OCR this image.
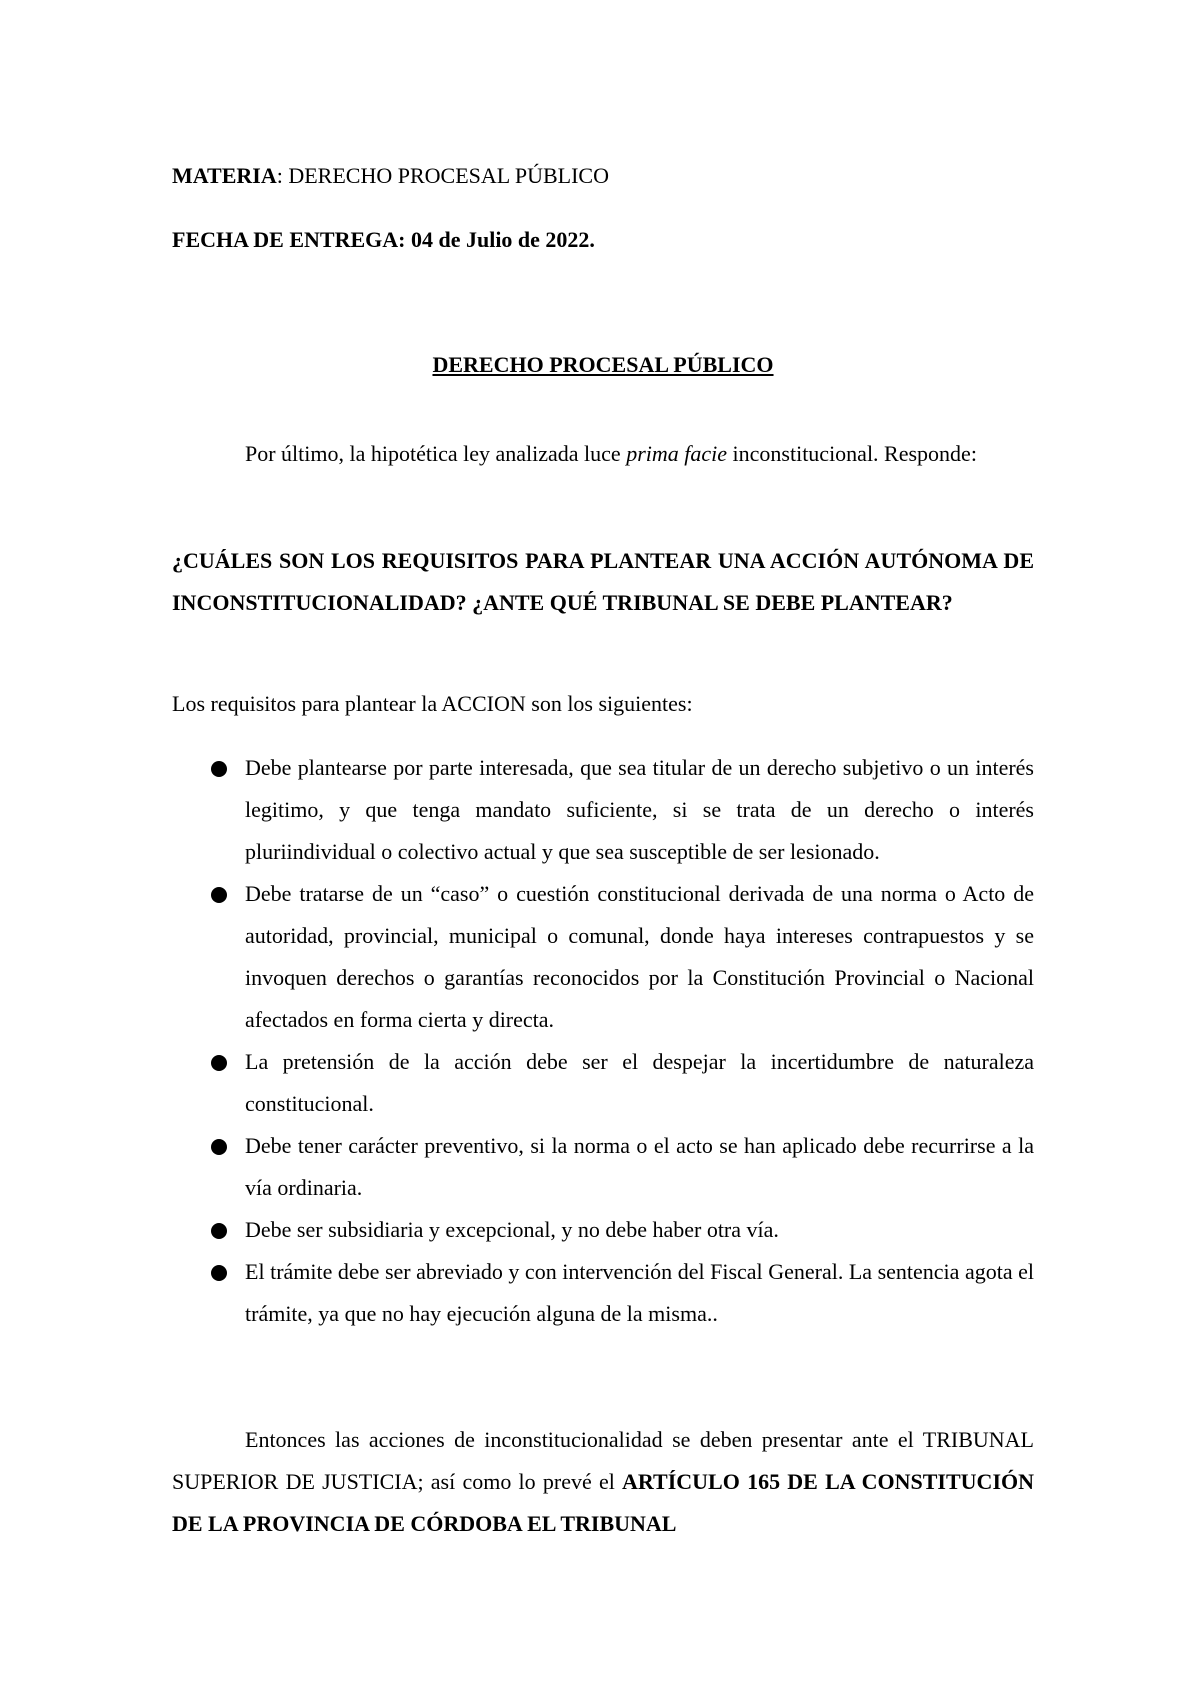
MATERIA: DERECHO PROCESAL PÚBLICO

FECHA DE ENTREGA: 04 de Julio de 2022.

DERECHO PROCESAL PÚBLICO

Por último, la hipotética ley analizada luce prima facie inconstitucional. Responde:

¿CUÁLES SON LOS REQUISITOS PARA PLANTEAR UNA ACCIÓN AUTÓNOMA DE INCONSTITUCIONALIDAD? ¿ANTE QUÉ TRIBUNAL SE DEBE PLANTEAR?

Los requisitos para plantear la ACCION son los siguientes:

Debe plantearse por parte interesada, que sea titular de un derecho subjetivo o un interés legitimo, y que tenga mandato suficiente, si se trata de un derecho o interés pluriindividual o colectivo actual y que sea susceptible de ser lesionado.
Debe tratarse de un “caso” o cuestión constitucional derivada de una norma o Acto de autoridad, provincial, municipal o comunal, donde haya intereses contrapuestos y se invoquen derechos o garantías reconocidos por la Constitución Provincial o Nacional afectados en forma cierta y directa.
La pretensión de la acción debe ser el despejar la incertidumbre de naturaleza constitucional.
Debe tener carácter preventivo, si la norma o el acto se han aplicado debe recurrirse a la vía ordinaria.
Debe ser subsidiaria y excepcional, y no debe haber otra vía.
El trámite debe ser abreviado y con intervención del Fiscal General. La sentencia agota el trámite, ya que no hay ejecución alguna de la misma..

Entonces las acciones de inconstitucionalidad se deben presentar ante el TRIBUNAL SUPERIOR DE JUSTICIA; así como lo prevé el ARTÍCULO 165 DE LA CONSTITUCIÓN DE LA PROVINCIA DE CÓRDOBA EL TRIBUNAL
